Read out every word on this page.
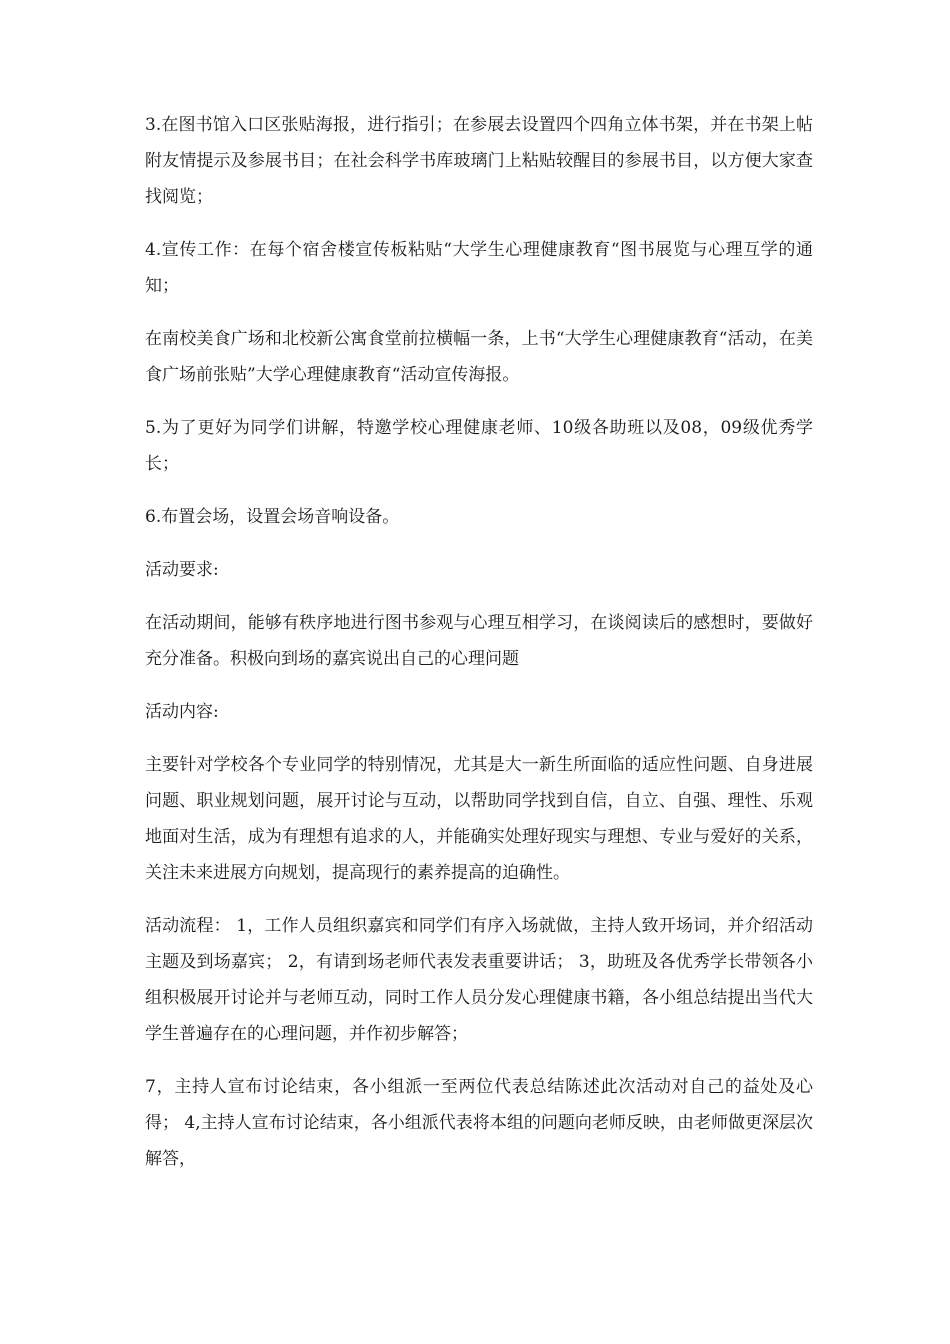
3.在图书馆入口区张贴海报，进行指引；在参展去设置四个四角立体书架，并在书架上帖附友情提示及参展书目；在社会科学书库玻璃门上粘贴较醒目的参展书目，以方便大家查找阅览；

4.宣传工作：在每个宿舍楼宣传板粘贴“大学生心理健康教育“图书展览与心理互学的通知；

在南校美食广场和北校新公寓食堂前拉横幅一条，上书“大学生心理健康教育“活动，在美食广场前张贴”大学心理健康教育“活动宣传海报。

5.为了更好为同学们讲解，特邀学校心理健康老师、10级各助班以及08，09级优秀学长；

6.布置会场，设置会场音响设备。

活动要求:

在活动期间，能够有秩序地进行图书参观与心理互相学习，在谈阅读后的感想时，要做好充分准备。积极向到场的嘉宾说出自己的心理问题

活动内容:

主要针对学校各个专业同学的特别情况，尤其是大一新生所面临的适应性问题、自身进展问题、职业规划问题，展开讨论与互动，以帮助同学找到自信，自立、自强、理性、乐观地面对生活，成为有理想有追求的人，并能确实处理好现实与理想、专业与爱好的关系，关注未来进展方向规划，提高现行的素养提高的迫确性。

活动流程： 1，工作人员组织嘉宾和同学们有序入场就做，主持人致开场词，并介绍活动主题及到场嘉宾； 2，有请到场老师代表发表重要讲话； 3，助班及各优秀学长带领各小组积极展开讨论并与老师互动，同时工作人员分发心理健康书籍，各小组总结提出当代大学生普遍存在的心理问题，并作初步解答；

7，主持人宣布讨论结束，各小组派一至两位代表总结陈述此次活动对自己的益处及心得； 4,主持人宣布讨论结束，各小组派代表将本组的问题向老师反映，由老师做更深层次解答，
